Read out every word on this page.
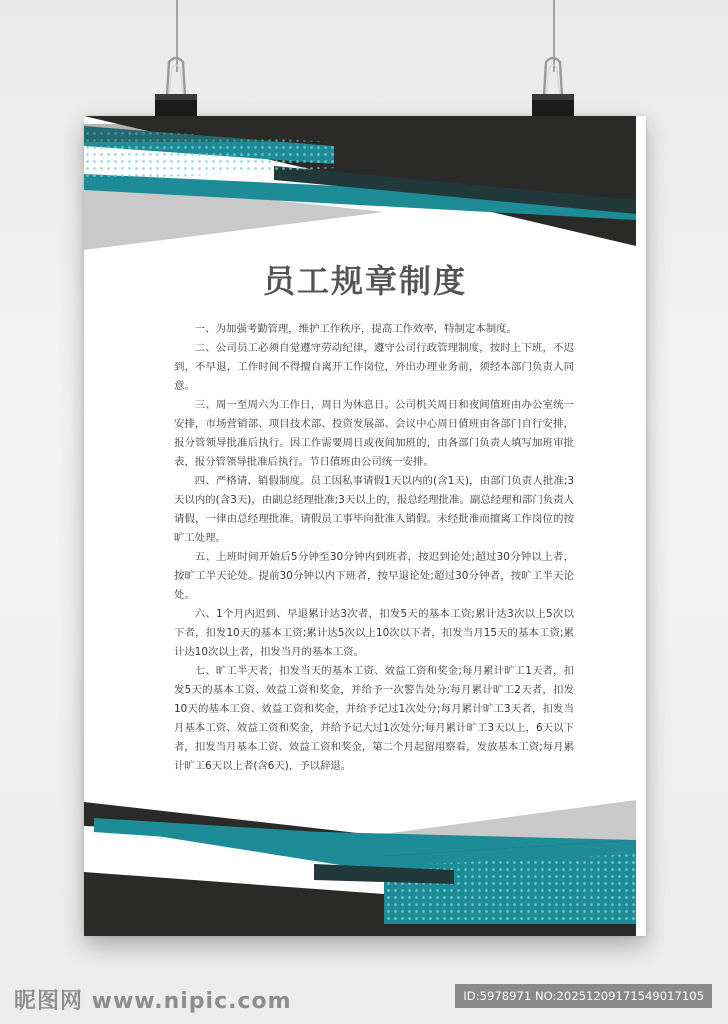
员工规章制度

一、为加强考勤管理，维护工作秩序，提高工作效率，特制定本制度。

二、公司员工必须自觉遵守劳动纪律，遵守公司行政管理制度，按时上下班，不迟到，不早退，工作时间不得擅自离开工作岗位，外出办理业务前，须经本部门负责人同意。

三、周一至周六为工作日，周日为休息日。公司机关周日和夜间值班由办公室统一安排，市场营销部、项目技术部、投资发展部、会议中心周日值班由各部门自行安排，报分管领导批准后执行。因工作需要周日或夜间加班的，由各部门负责人填写加班审批表，报分管领导批准后执行。节日值班由公司统一安排。

四、严格请、销假制度。员工因私事请假1天以内的(含1天)，由部门负责人批准;3天以内的(含3天)，由副总经理批准;3天以上的，报总经理批准。副总经理和部门负责人请假，一律由总经理批准。请假员工事毕向批准人销假。未经批准而擅离工作岗位的按旷工处理。

五、上班时间开始后5分钟至30分钟内到班者，按迟到论处;超过30分钟以上者，按旷工半天论处。提前30分钟以内下班者，按早退论处;超过30分钟者，按旷工半天论处。

六、1个月内迟到、早退累计达3次者，扣发5天的基本工资;累计达3次以上5次以下者，扣发10天的基本工资;累计达5次以上10次以下者，扣发当月15天的基本工资;累计达10次以上者，扣发当月的基本工资。

七、旷工半天者，扣发当天的基本工资、效益工资和奖金;每月累计旷工1天者，扣发5天的基本工资、效益工资和奖金，并给予一次警告处分;每月累计旷工2天者，扣发10天的基本工资、效益工资和奖金，并给予记过1次处分;每月累计旷工3天者，扣发当月基本工资、效益工资和奖金，并给予记大过1次处分;每月累计旷工3天以上，6天以下者，扣发当月基本工资、效益工资和奖金，第二个月起留用察看，发放基本工资;每月累计旷工6天以上者(含6天)，予以辞退。

昵图网 www.nipic.com	ID:5978971 NO:20251209171549017105
